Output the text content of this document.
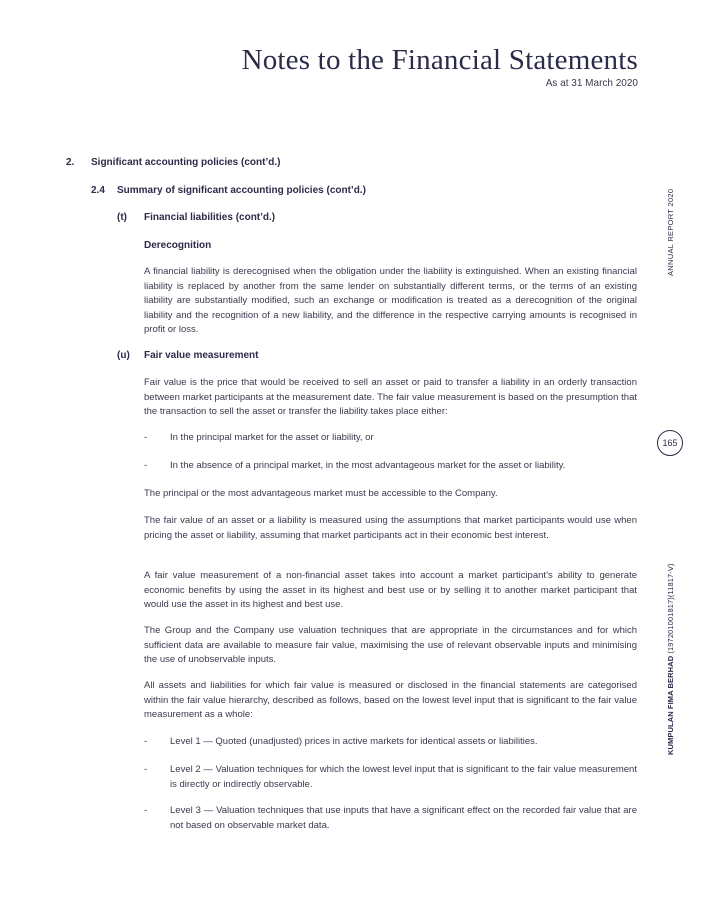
Notes to the Financial Statements
As at 31 March 2020
ANNUAL REPORT 2020
165
KUMPULAN FIMA BERHAD (197201001817)(11817-V)
2. Significant accounting policies (cont’d.)
2.4 Summary of significant accounting policies (cont’d.)
(t) Financial liabilities (cont’d.)
Derecognition

A financial liability is derecognised when the obligation under the liability is extinguished. When an existing financial liability is replaced by another from the same lender on substantially different terms, or the terms of an existing liability are substantially modified, such an exchange or modification is treated as a derecognition of the original liability and the recognition of a new liability, and the difference in the respective carrying amounts is recognised in profit or loss.

(u) Fair value measurement

Fair value is the price that would be received to sell an asset or paid to transfer a liability in an orderly transaction between market participants at the measurement date. The fair value measurement is based on the presumption that the transaction to sell the asset or transfer the liability takes place either:

- In the principal market for the asset or liability, or

- In the absence of a principal market, in the most advantageous market for the asset or liability.

The principal or the most advantageous market must be accessible to the Company.

The fair value of an asset or a liability is measured using the assumptions that market participants would use when pricing the asset or liability, assuming that market participants act in their economic best interest.

A fair value measurement of a non-financial asset takes into account a market participant’s ability to generate economic benefits by using the asset in its highest and best use or by selling it to another market participant that would use the asset in its highest and best use.

The Group and the Company use valuation techniques that are appropriate in the circumstances and for which sufficient data are available to measure fair value, maximising the use of relevant observable inputs and minimising the use of unobservable inputs.

All assets and liabilities for which fair value is measured or disclosed in the financial statements are categorised within the fair value hierarchy, described as follows, based on the lowest level input that is significant to the fair value measurement as a whole:

- Level 1 — Quoted (unadjusted) prices in active markets for identical assets or liabilities.

- Level 2 — Valuation techniques for which the lowest level input that is significant to the fair value measurement is directly or indirectly observable.

- Level 3 — Valuation techniques that use inputs that have a significant effect on the recorded fair value that are not based on observable market data.
